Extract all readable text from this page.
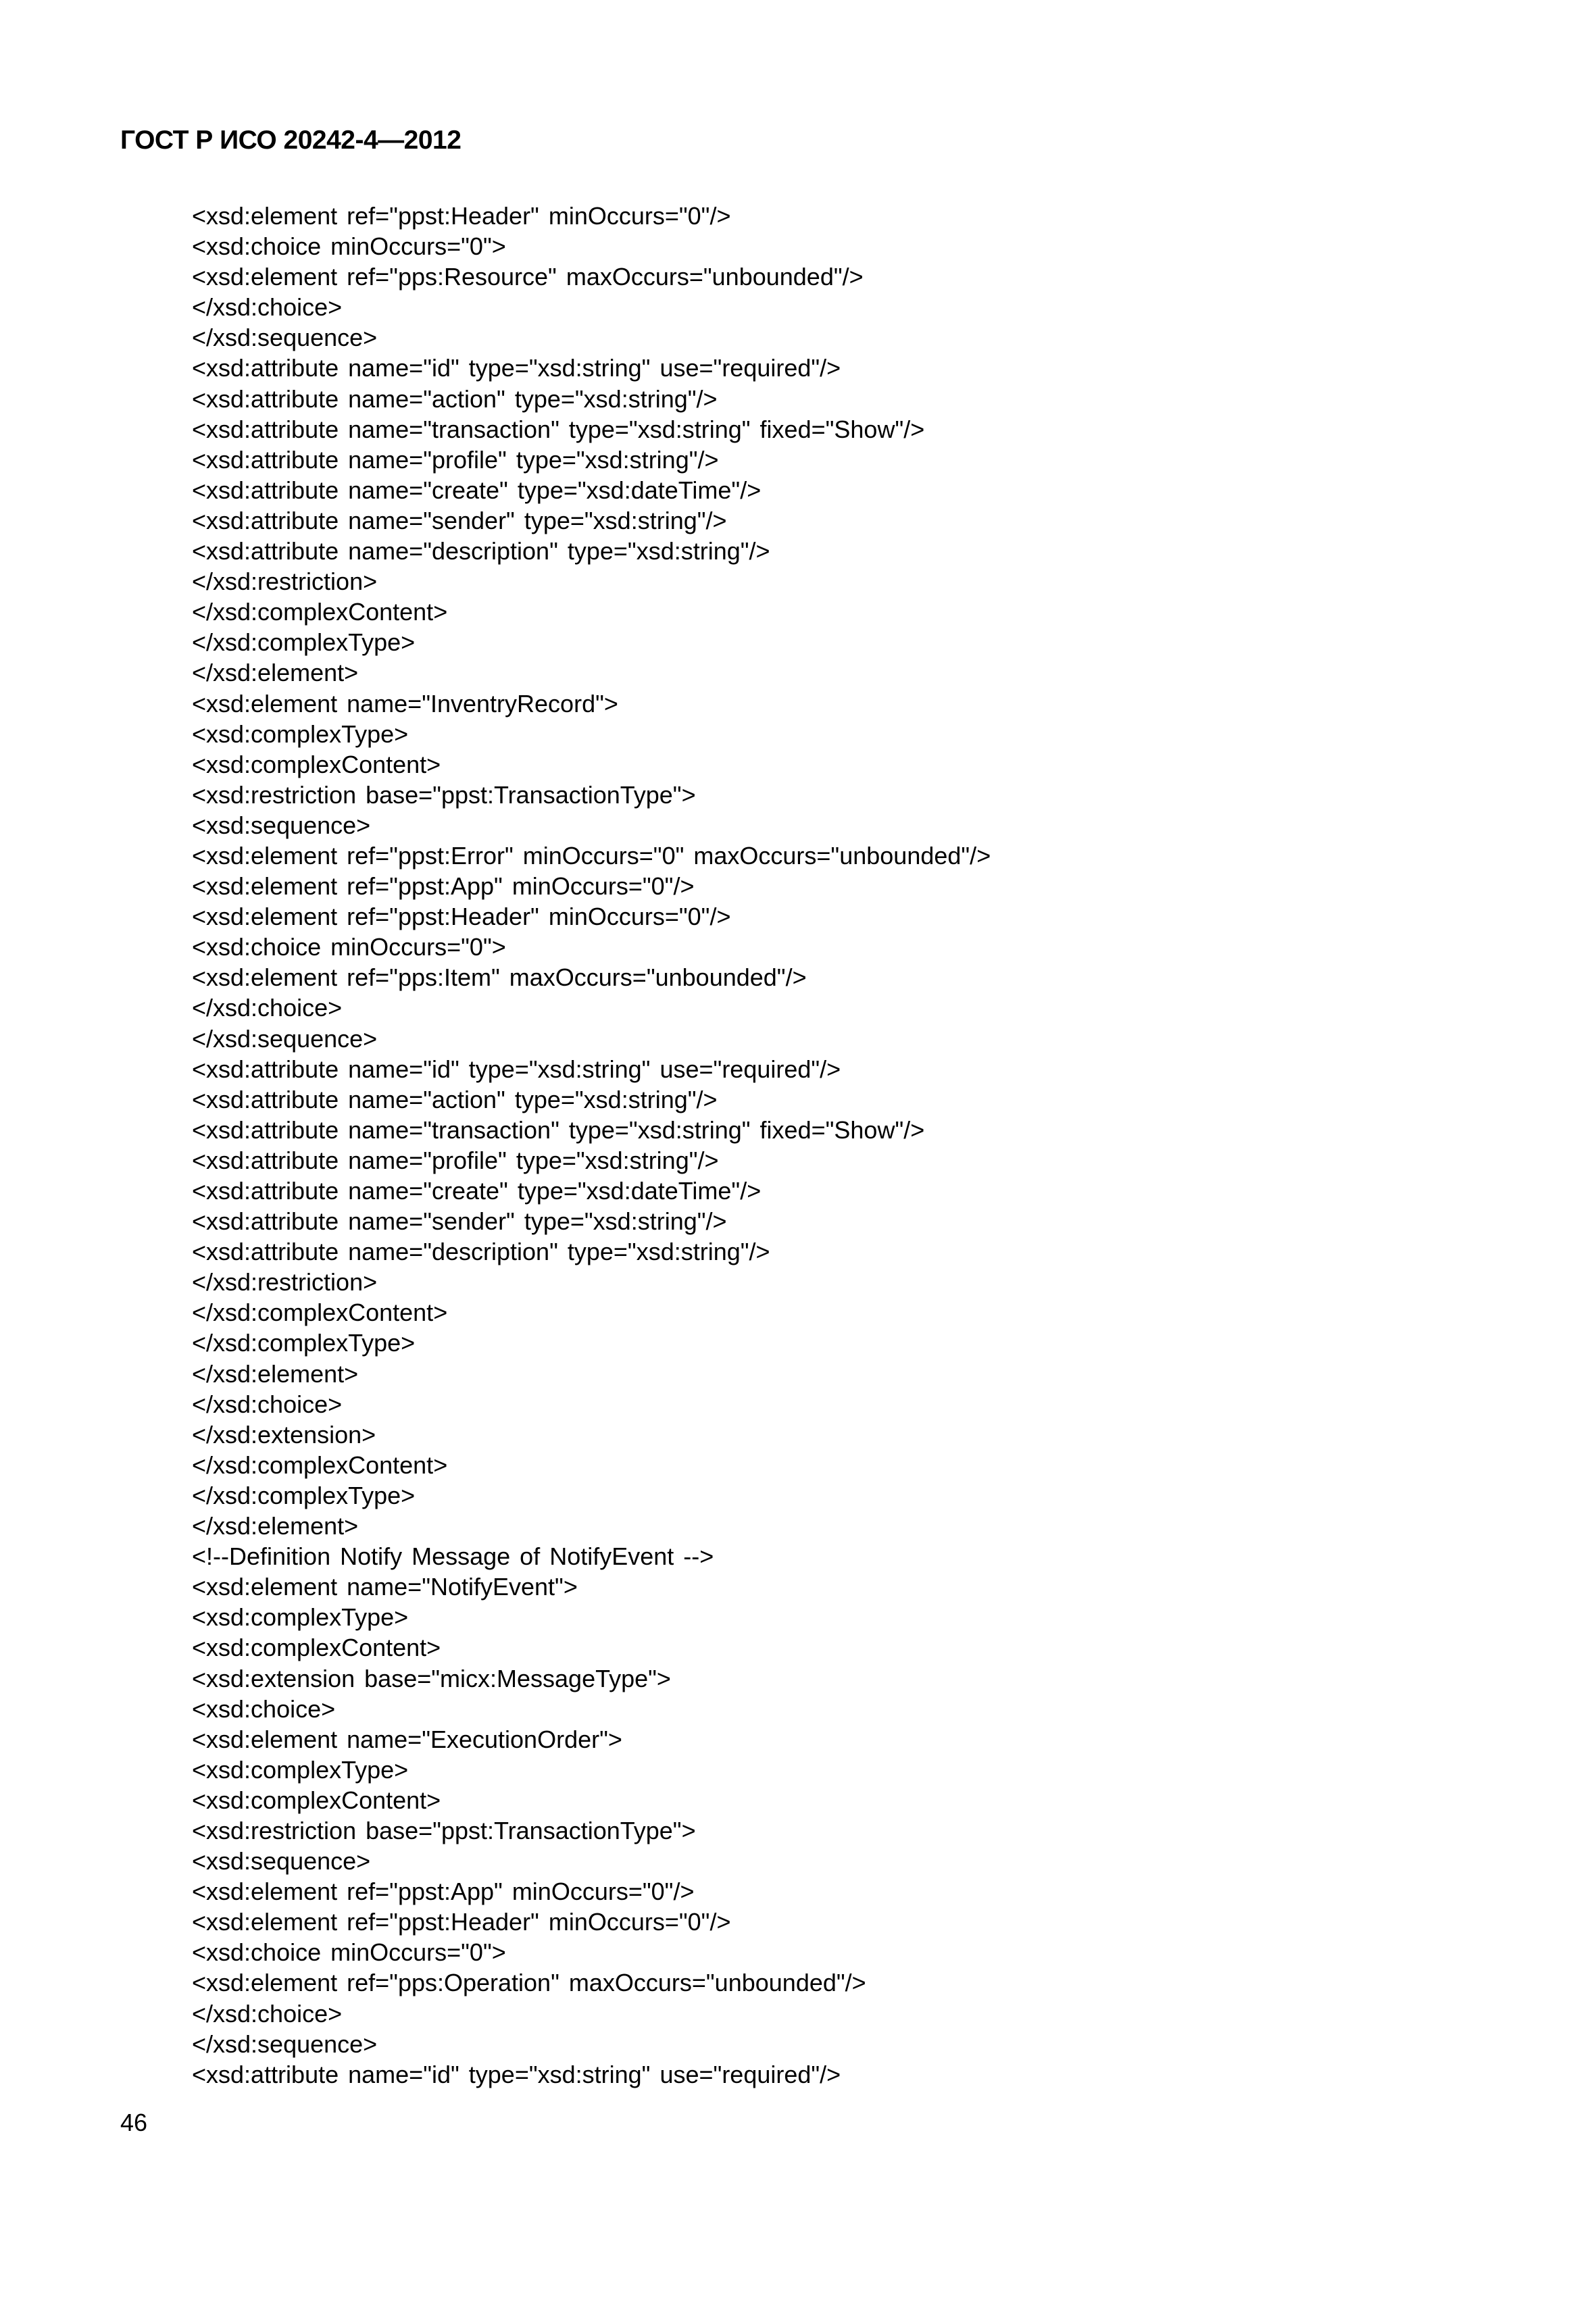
ГОСТ Р ИСО 20242-4—2012
<xsd:element ref="ppst:Header" minOccurs="0"/>
<xsd:choice minOccurs="0">
<xsd:element ref="pps:Resource" maxOccurs="unbounded"/>
</xsd:choice>
</xsd:sequence>
<xsd:attribute name="id" type="xsd:string" use="required"/>
<xsd:attribute name="action" type="xsd:string"/>
<xsd:attribute name="transaction" type="xsd:string" fixed="Show"/>
<xsd:attribute name="profile" type="xsd:string"/>
<xsd:attribute name="create" type="xsd:dateTime"/>
<xsd:attribute name="sender" type="xsd:string"/>
<xsd:attribute name="description" type="xsd:string"/>
</xsd:restriction>
</xsd:complexContent>
</xsd:complexType>
</xsd:element>
<xsd:element name="InventryRecord">
<xsd:complexType>
<xsd:complexContent>
<xsd:restriction base="ppst:TransactionType">
<xsd:sequence>
<xsd:element ref="ppst:Error" minOccurs="0" maxOccurs="unbounded"/>
<xsd:element ref="ppst:App" minOccurs="0"/>
<xsd:element ref="ppst:Header" minOccurs="0"/>
<xsd:choice minOccurs="0">
<xsd:element ref="pps:Item" maxOccurs="unbounded"/>
</xsd:choice>
</xsd:sequence>
<xsd:attribute name="id" type="xsd:string" use="required"/>
<xsd:attribute name="action" type="xsd:string"/>
<xsd:attribute name="transaction" type="xsd:string" fixed="Show"/>
<xsd:attribute name="profile" type="xsd:string"/>
<xsd:attribute name="create" type="xsd:dateTime"/>
<xsd:attribute name="sender" type="xsd:string"/>
<xsd:attribute name="description" type="xsd:string"/>
</xsd:restriction>
</xsd:complexContent>
</xsd:complexType>
</xsd:element>
</xsd:choice>
</xsd:extension>
</xsd:complexContent>
</xsd:complexType>
</xsd:element>
<!--Definition Notify Message of NotifyEvent -->
<xsd:element name="NotifyEvent">
<xsd:complexType>
<xsd:complexContent>
<xsd:extension base="micx:MessageType">
<xsd:choice>
<xsd:element name="ExecutionOrder">
<xsd:complexType>
<xsd:complexContent>
<xsd:restriction base="ppst:TransactionType">
<xsd:sequence>
<xsd:element ref="ppst:App" minOccurs="0"/>
<xsd:element ref="ppst:Header" minOccurs="0"/>
<xsd:choice minOccurs="0">
<xsd:element ref="pps:Operation" maxOccurs="unbounded"/>
</xsd:choice>
</xsd:sequence>
<xsd:attribute name="id" type="xsd:string" use="required"/>
46
